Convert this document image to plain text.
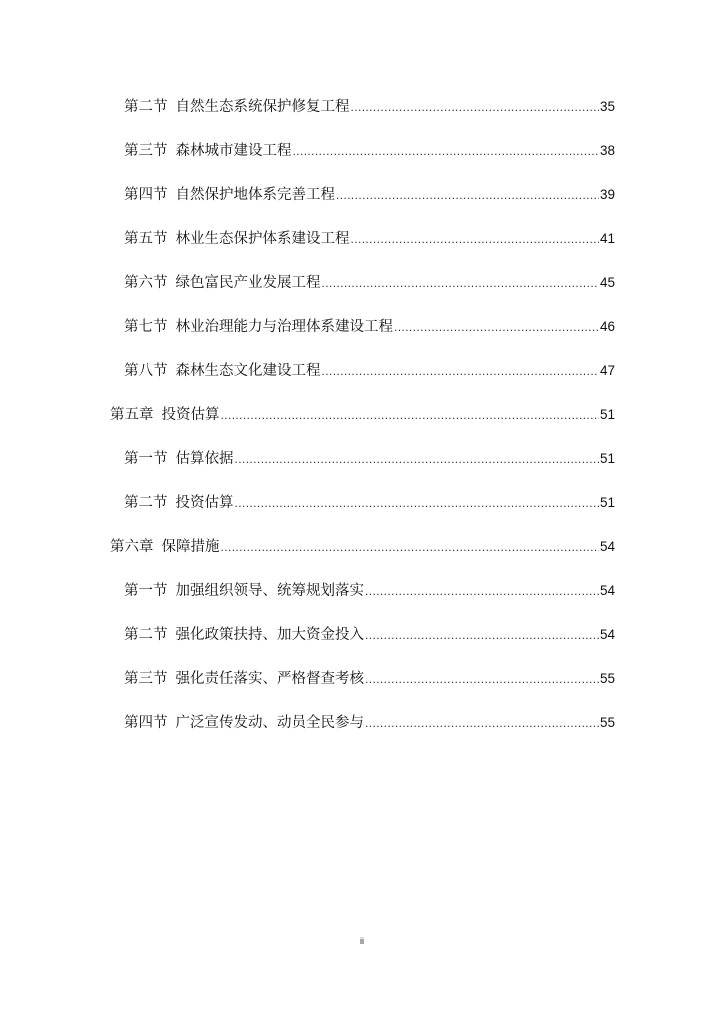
第二节 自然生态系统保护修复工程 .....	35
第三节 森林城市建设工程 .....	38
第四节 自然保护地体系完善工程 .....	39
第五节 林业生态保护体系建设工程 .....	41
第六节 绿色富民产业发展工程 .....	45
第七节 林业治理能力与治理体系建设工程 .....	46
第八节 森林生态文化建设工程 .....	47
第五章 投资估算 .....	51
第一节 估算依据 .....	51
第二节 投资估算 .....	51
第六章 保障措施 .....	54
第一节 加强组织领导、统筹规划落实 .....	54
第二节 强化政策扶持、加大资金投入 .....	54
第三节 强化责任落实、严格督查考核 .....	55
第四节 广泛宣传发动、动员全民参与 .....	55
ii
